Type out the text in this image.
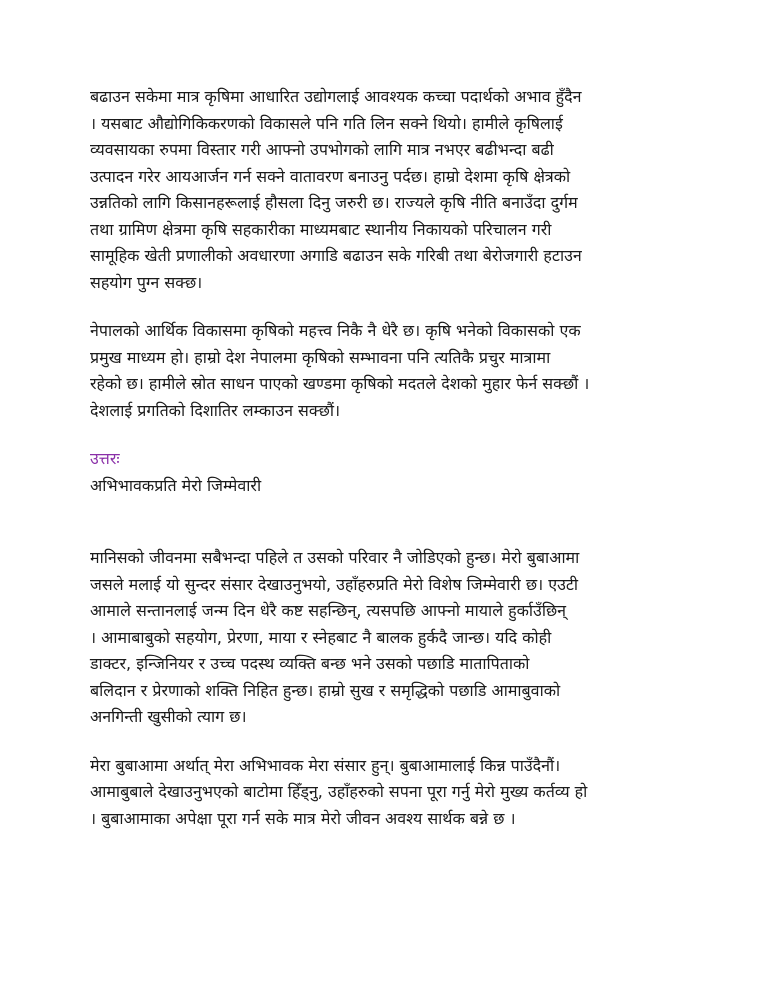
बढाउन सकेमा मात्र कृषिमा आधारित उद्योगलाई आवश्यक कच्चा पदार्थको अभाव हुँदैन
। यसबाट औद्योगिकिकरणको विकासले पनि गति लिन सक्ने थियो। हामीले कृषिलाई
व्यवसायका रुपमा विस्तार गरी आफ्नो उपभोगको लागि मात्र नभएर बढीभन्दा बढी
उत्पादन गरेर आयआर्जन गर्न सक्ने वातावरण बनाउनु पर्दछ। हाम्रो देशमा कृषि क्षेत्रको
उन्नतिको लागि किसानहरूलाई हौसला दिनु जरुरी छ। राज्यले कृषि नीति बनाउँदा दुर्गम
तथा ग्रामिण क्षेत्रमा कृषि सहकारीका माध्यमबाट स्थानीय निकायको परिचालन गरी
सामूहिक खेती प्रणालीको अवधारणा अगाडि बढाउन सके गरिबी तथा बेरोजगारी हटाउन
सहयोग पुग्न सक्छ।

नेपालको आर्थिक विकासमा कृषिको महत्त्व निकै नै धेरै छ। कृषि भनेको विकासको एक
प्रमुख माध्यम हो। हाम्रो देश नेपालमा कृषिको सम्भावना पनि त्यतिकै प्रचुर मात्रामा
रहेको छ। हामीले स्रोत साधन पाएको खण्डमा कृषिको मदतले देशको मुहार फेर्न सक्छौं ।
देशलाई प्रगतिको दिशातिर लम्काउन सक्छौं।

उत्तरः

अभिभावकप्रति मेरो जिम्मेवारी

मानिसको जीवनमा सबैभन्दा पहिले त उसको परिवार नै जोडिएको हुन्छ। मेरो बुबाआमा
जसले मलाई यो सुन्दर संसार देखाउनुभयो, उहाँहरुप्रति मेरो विशेष जिम्मेवारी छ। एउटी
आमाले सन्तानलाई जन्म दिन धेरै कष्ट सहन्छिन्, त्यसपछि आफ्नो मायाले हुर्काउँछिन्
। आमाबाबुको सहयोग, प्रेरणा, माया र स्नेहबाट नै बालक हुर्कदै जान्छ। यदि कोही
डाक्टर, इन्जिनियर र उच्च पदस्थ व्यक्ति बन्छ भने उसको पछाडि मातापिताको
बलिदान र प्रेरणाको शक्ति निहित हुन्छ। हाम्रो सुख र समृद्धिको पछाडि आमाबुवाको
अनगिन्ती खुसीको त्याग छ।

मेरा बुबाआमा अर्थात् मेरा अभिभावक मेरा संसार हुन्। बुबाआमालाई किन्न पाउँदैनौं।
आमाबुबाले देखाउनुभएको बाटोमा हिँड्नु, उहाँहरुको सपना पूरा गर्नु मेरो मुख्य कर्तव्य हो
। बुबाआमाका अपेक्षा पूरा गर्न सके मात्र मेरो जीवन अवश्य सार्थक बन्ने छ ।
